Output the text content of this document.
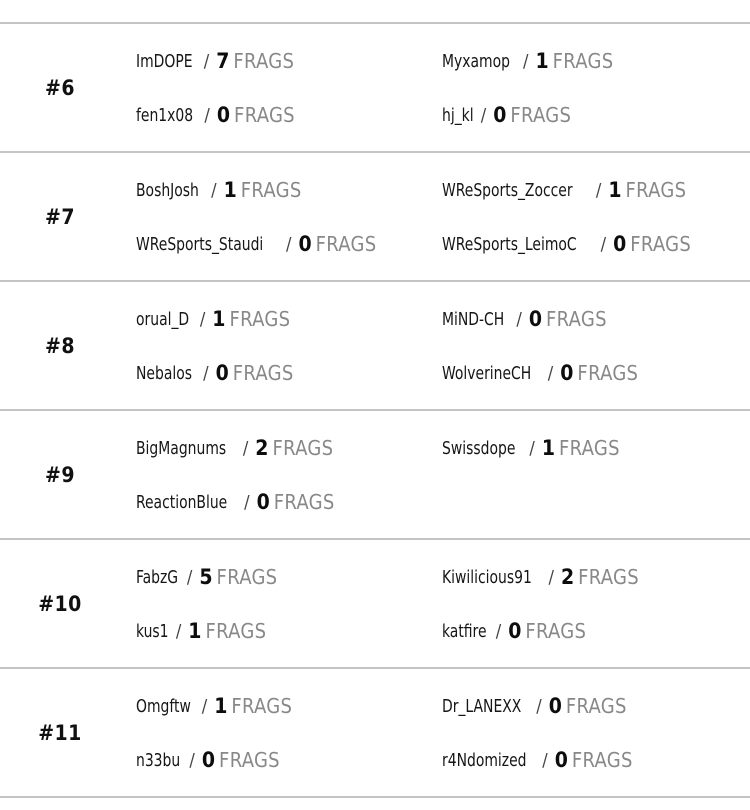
#6
ImDOPE / 7 FRAGS	Myxamop / 1 FRAGS
fen1x08 / 0 FRAGS	hj_kl / 0 FRAGS
#7
BoshJosh / 1 FRAGS	WReSports_Zoccer / 1 FRAGS
WReSports_Staudi / 0 FRAGS	WReSports_LeimoC / 0 FRAGS
#8
orual_D / 1 FRAGS	MiND-CH / 0 FRAGS
Nebalos / 0 FRAGS	WolverineCH / 0 FRAGS
#9
BigMagnums / 2 FRAGS	Swissdope / 1 FRAGS
ReactionBlue / 0 FRAGS
#10
FabzG / 5 FRAGS	Kiwilicious91 / 2 FRAGS
kus1 / 1 FRAGS	katfire / 0 FRAGS
#11
Omgftw / 1 FRAGS	Dr_LANEXX / 0 FRAGS
n33bu / 0 FRAGS	r4Ndomized / 0 FRAGS
